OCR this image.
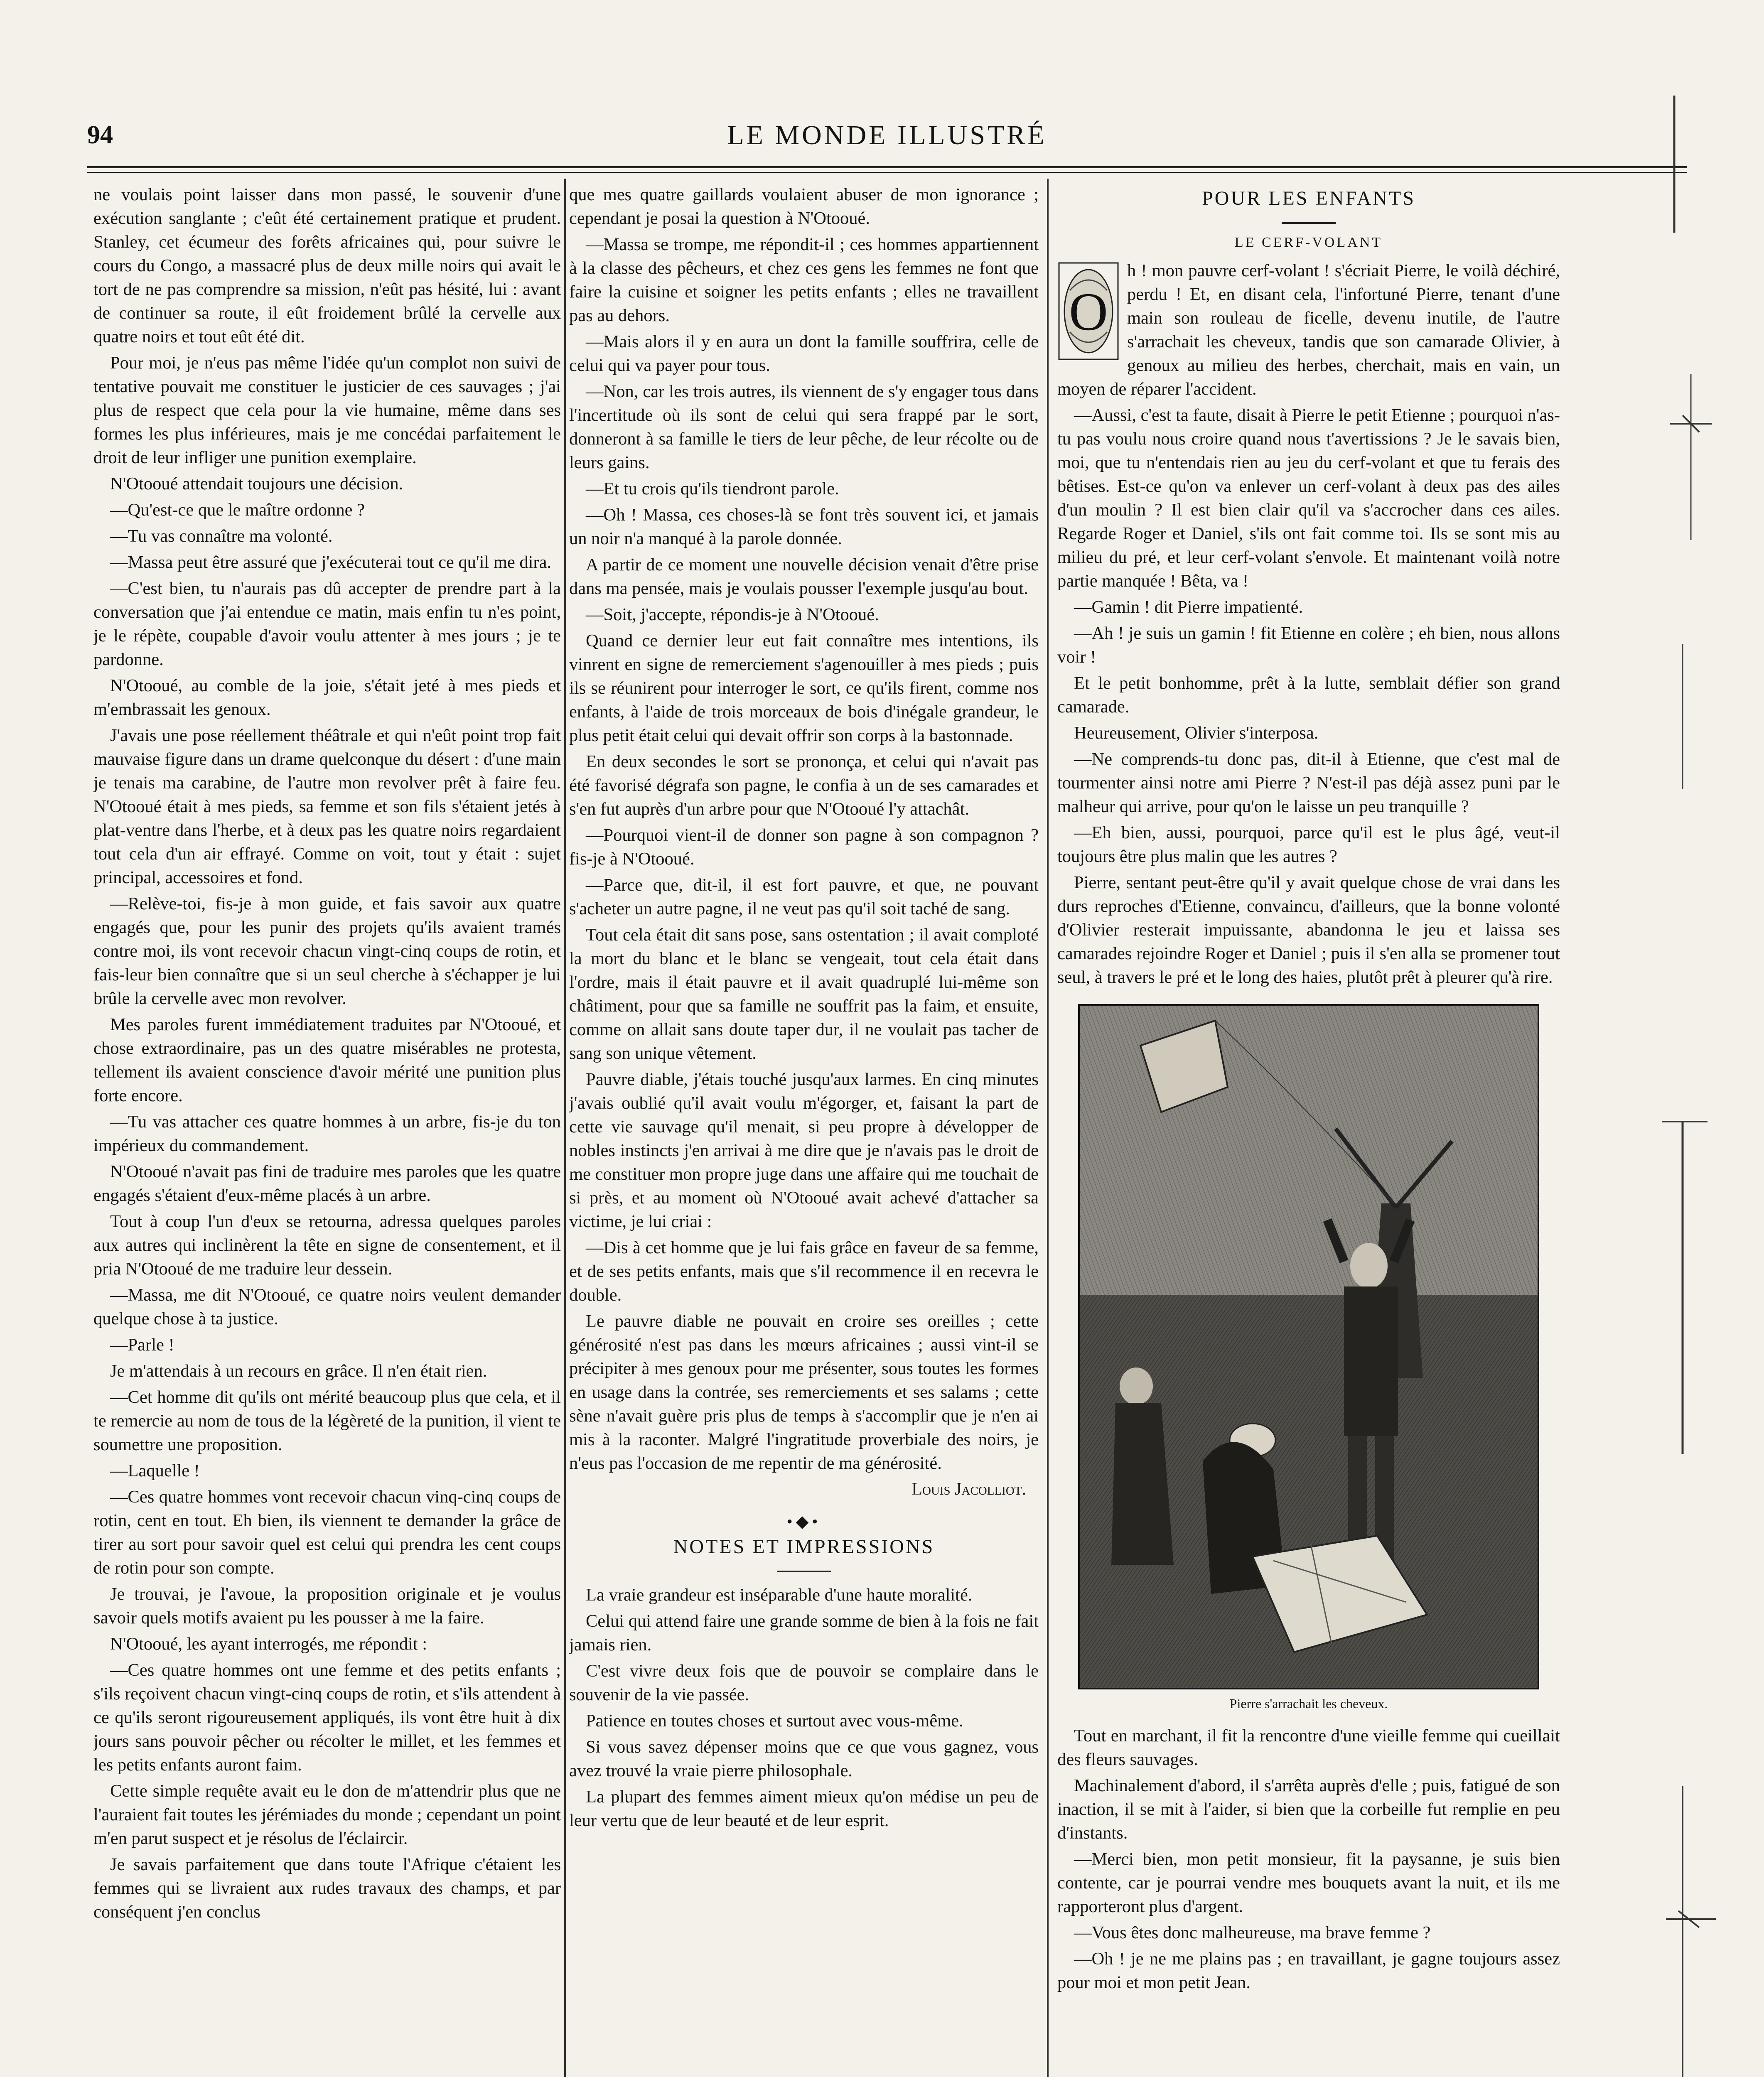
94	LE MONDE ILLUSTRÉ

ne voulais point laisser dans mon passé, le souvenir d'une exécution sanglante ; c'eût été certainement pratique et prudent. Stanley, cet écumeur des forêts africaines qui, pour suivre le cours du Congo, a massacré plus de deux mille noirs qui avait le tort de ne pas comprendre sa mission, n'eût pas hésité, lui : avant de continuer sa route, il eût froidement brûlé la cervelle aux quatre noirs et tout eût été dit.

Pour moi, je n'eus pas même l'idée qu'un complot non suivi de tentative pouvait me constituer le justicier de ces sauvages ; j'ai plus de respect que cela pour la vie humaine, même dans ses formes les plus inférieures, mais je me concédai parfaitement le droit de leur infliger une punition exemplaire.

N'Otooué attendait toujours une décision.

—Qu'est-ce que le maître ordonne ?

—Tu vas connaître ma volonté.

—Massa peut être assuré que j'exécuterai tout ce qu'il me dira.

—C'est bien, tu n'aurais pas dû accepter de prendre part à la conversation que j'ai entendue ce matin, mais enfin tu n'es point, je le répète, coupable d'avoir voulu attenter à mes jours ; je te pardonne.

N'Otooué, au comble de la joie, s'était jeté à mes pieds et m'embrassait les genoux.

J'avais une pose réellement théâtrale et qui n'eût point trop fait mauvaise figure dans un drame quelconque du désert : d'une main je tenais ma carabine, de l'autre mon revolver prêt à faire feu. N'Otooué était à mes pieds, sa femme et son fils s'étaient jetés à plat-ventre dans l'herbe, et à deux pas les quatre noirs regardaient tout cela d'un air effrayé. Comme on voit, tout y était : sujet principal, accessoires et fond.

—Relève-toi, fis-je à mon guide, et fais savoir aux quatre engagés que, pour les punir des projets qu'ils avaient tramés contre moi, ils vont recevoir chacun vingt-cinq coups de rotin, et fais-leur bien connaître que si un seul cherche à s'échapper je lui brûle la cervelle avec mon revolver.

Mes paroles furent immédiatement traduites par N'Otooué, et chose extraordinaire, pas un des quatre misérables ne protesta, tellement ils avaient conscience d'avoir mérité une punition plus forte encore.

—Tu vas attacher ces quatre hommes à un arbre, fis-je du ton impérieux du commandement.

N'Otooué n'avait pas fini de traduire mes paroles que les quatre engagés s'étaient d'eux-même placés à un arbre.

Tout à coup l'un d'eux se retourna, adressa quelques paroles aux autres qui inclinèrent la tête en signe de consentement, et il pria N'Otooué de me traduire leur dessein.

—Massa, me dit N'Otooué, ce quatre noirs veulent demander quelque chose à ta justice.

—Parle !

Je m'attendais à un recours en grâce. Il n'en était rien.

—Cet homme dit qu'ils ont mérité beaucoup plus que cela, et il te remercie au nom de tous de la légèreté de la punition, il vient te soumettre une proposition.

—Laquelle !

—Ces quatre hommes vont recevoir chacun vinq-cinq coups de rotin, cent en tout. Eh bien, ils viennent te demander la grâce de tirer au sort pour savoir quel est celui qui prendra les cent coups de rotin pour son compte.

Je trouvai, je l'avoue, la proposition originale et je voulus savoir quels motifs avaient pu les pousser à me la faire.

N'Otooué, les ayant interrogés, me répondit :

—Ces quatre hommes ont une femme et des petits enfants ; s'ils reçoivent chacun vingt-cinq coups de rotin, et s'ils attendent à ce qu'ils seront rigoureusement appliqués, ils vont être huit à dix jours sans pouvoir pêcher ou récolter le millet, et les femmes et les petits enfants auront faim.

Cette simple requête avait eu le don de m'attendrir plus que ne l'auraient fait toutes les jérémiades du monde ; cependant un point m'en parut suspect et je résolus de l'éclaircir.

Je savais parfaitement que dans toute l'Afrique c'étaient les femmes qui se livraient aux rudes travaux des champs, et par conséquent j'en conclus

que mes quatre gaillards voulaient abuser de mon ignorance ; cependant je posai la question à N'Otooué.

—Massa se trompe, me répondit-il ; ces hommes appartiennent à la classe des pêcheurs, et chez ces gens les femmes ne font que faire la cuisine et soigner les petits enfants ; elles ne travaillent pas au dehors.

—Mais alors il y en aura un dont la famille souffrira, celle de celui qui va payer pour tous.

—Non, car les trois autres, ils viennent de s'y engager tous dans l'incertitude où ils sont de celui qui sera frappé par le sort, donneront à sa famille le tiers de leur pêche, de leur récolte ou de leurs gains.

—Et tu crois qu'ils tiendront parole.

—Oh ! Massa, ces choses-là se font très souvent ici, et jamais un noir n'a manqué à la parole donnée.

A partir de ce moment une nouvelle décision venait d'être prise dans ma pensée, mais je voulais pousser l'exemple jusqu'au bout.

—Soit, j'accepte, répondis-je à N'Otooué.

Quand ce dernier leur eut fait connaître mes intentions, ils vinrent en signe de remerciement s'agenouiller à mes pieds ; puis ils se réunirent pour interroger le sort, ce qu'ils firent, comme nos enfants, à l'aide de trois morceaux de bois d'inégale grandeur, le plus petit était celui qui devait offrir son corps à la bastonnade.

En deux secondes le sort se prononça, et celui qui n'avait pas été favorisé dégrafa son pagne, le confia à un de ses camarades et s'en fut auprès d'un arbre pour que N'Otooué l'y attachât.

—Pourquoi vient-il de donner son pagne à son compagnon ? fis-je à N'Otooué.

—Parce que, dit-il, il est fort pauvre, et que, ne pouvant s'acheter un autre pagne, il ne veut pas qu'il soit taché de sang.

Tout cela était dit sans pose, sans ostentation ; il avait comploté la mort du blanc et le blanc se vengeait, tout cela était dans l'ordre, mais il était pauvre et il avait quadruplé lui-même son châtiment, pour que sa famille ne souffrit pas la faim, et ensuite, comme on allait sans doute taper dur, il ne voulait pas tacher de sang son unique vêtement.

Pauvre diable, j'étais touché jusqu'aux larmes. En cinq minutes j'avais oublié qu'il avait voulu m'égorger, et, faisant la part de cette vie sauvage qu'il menait, si peu propre à développer de nobles instincts j'en arrivai à me dire que je n'avais pas le droit de me constituer mon propre juge dans une affaire qui me touchait de si près, et au moment où N'Otooué avait achevé d'attacher sa victime, je lui criai :

—Dis à cet homme que je lui fais grâce en faveur de sa femme, et de ses petits enfants, mais que s'il recommence il en recevra le double.

Le pauvre diable ne pouvait en croire ses oreilles ; cette générosité n'est pas dans les mœurs africaines ; aussi vint-il se précipiter à mes genoux pour me présenter, sous toutes les formes en usage dans la contrée, ses remerciements et ses salams ; cette sène n'avait guère pris plus de temps à s'accomplir que je n'en ai mis à la raconter. Malgré l'ingratitude proverbiale des noirs, je n'eus pas l'occasion de me repentir de ma générosité.

Louis Jacolliot.
•◆•
NOTES ET IMPRESSIONS

La vraie grandeur est inséparable d'une haute moralité.

Celui qui attend faire une grande somme de bien à la fois ne fait jamais rien.

C'est vivre deux fois que de pouvoir se complaire dans le souvenir de la vie passée.

Patience en toutes choses et surtout avec vous-même.

Si vous savez dépenser moins que ce que vous gagnez, vous avez trouvé la vraie pierre philosophale.

La plupart des femmes aiment mieux qu'on médise un peu de leur vertu que de leur beauté et de leur esprit.

POUR LES ENFANTS
LE CERF-VOLANT
O

h ! mon pauvre cerf-volant ! s'écriait Pierre, le voilà déchiré, perdu ! Et, en disant cela, l'infortuné Pierre, tenant d'une main son rouleau de ficelle, devenu inutile, de l'autre s'arrachait les cheveux, tandis que son camarade Olivier, à genoux au milieu des herbes, cherchait, mais en vain, un moyen de réparer l'accident.

—Aussi, c'est ta faute, disait à Pierre le petit Etienne ; pourquoi n'as-tu pas voulu nous croire quand nous t'avertissions ? Je le savais bien, moi, que tu n'entendais rien au jeu du cerf-volant et que tu ferais des bêtises. Est-ce qu'on va enlever un cerf-volant à deux pas des ailes d'un moulin ? Il est bien clair qu'il va s'accrocher dans ces ailes. Regarde Roger et Daniel, s'ils ont fait comme toi. Ils se sont mis au milieu du pré, et leur cerf-volant s'envole. Et maintenant voilà notre partie manquée ! Bêta, va !

—Gamin ! dit Pierre impatienté.

—Ah ! je suis un gamin ! fit Etienne en colère ; eh bien, nous allons voir !

Et le petit bonhomme, prêt à la lutte, semblait défier son grand camarade.

Heureusement, Olivier s'interposa.

—Ne comprends-tu donc pas, dit-il à Etienne, que c'est mal de tourmenter ainsi notre ami Pierre ? N'est-il pas déjà assez puni par le malheur qui arrive, pour qu'on le laisse un peu tranquille ?

—Eh bien, aussi, pourquoi, parce qu'il est le plus âgé, veut-il toujours être plus malin que les autres ?

Pierre, sentant peut-être qu'il y avait quelque chose de vrai dans les durs reproches d'Etienne, convaincu, d'ailleurs, que la bonne volonté d'Olivier resterait impuissante, abandonna le jeu et laissa ses camarades rejoindre Roger et Daniel ; puis il s'en alla se promener tout seul, à travers le pré et le long des haies, plutôt prêt à pleurer qu'à rire.

Pierre s'arrachait les cheveux.

Tout en marchant, il fit la rencontre d'une vieille femme qui cueillait des fleurs sauvages.

Machinalement d'abord, il s'arrêta auprès d'elle ; puis, fatigué de son inaction, il se mit à l'aider, si bien que la corbeille fut remplie en peu d'instants.

—Merci bien, mon petit monsieur, fit la paysanne, je suis bien contente, car je pourrai vendre mes bouquets avant la nuit, et ils me rapporteront plus d'argent.

—Vous êtes donc malheureuse, ma brave femme ?

—Oh ! je ne me plains pas ; en travaillant, je gagne toujours assez pour moi et mon petit Jean.
